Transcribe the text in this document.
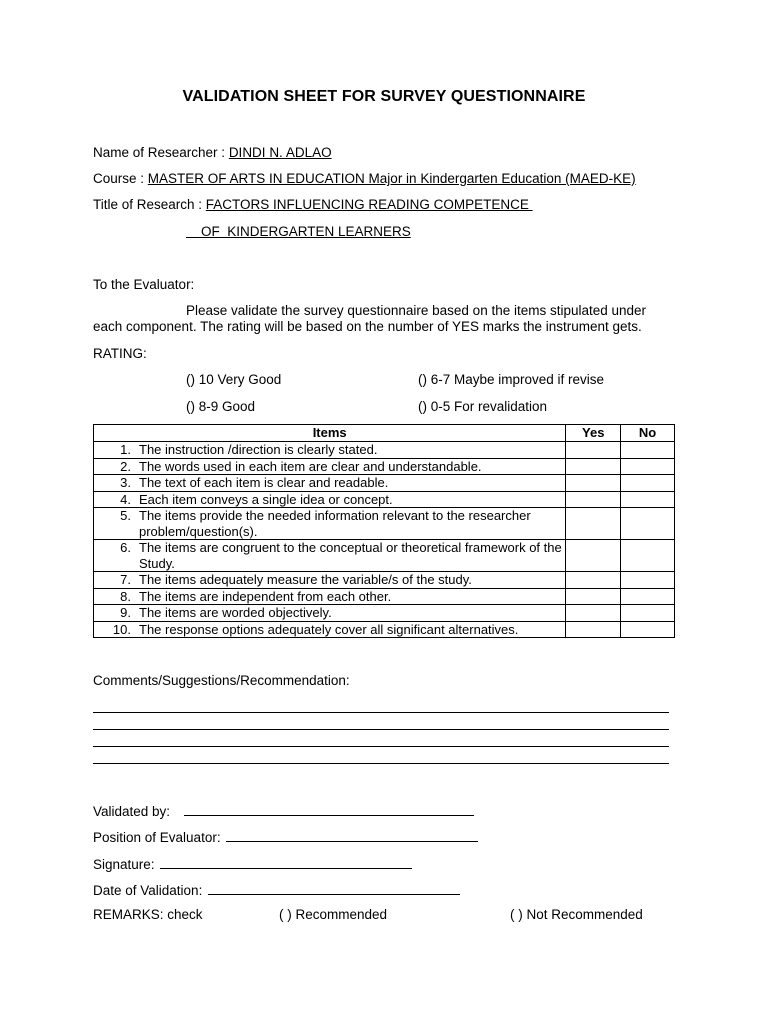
VALIDATION SHEET FOR SURVEY QUESTIONNAIRE
Name of Researcher : DINDI N. ADLAO
Course : MASTER OF ARTS IN EDUCATION Major in Kindergarten Education (MAED-KE)
Title of Research : FACTORS INFLUENCING READING COMPETENCE
OF  KINDERGARTEN LEARNERS
To the Evaluator:
Please validate the survey questionnaire based on the items stipulated under each component. The rating will be based on the number of YES marks the instrument gets.
RATING:
() 10 Very Good	() 6-7 Maybe improved if revise
() 8-9 Good	() 0-5 For revalidation
Items	Yes	No

1. The instruction /direction is clearly stated.		

2. The words used in each item are clear and understandable.		

3. The text of each item is clear and readable.		

4. Each item conveys a single idea or concept.		

5. The items provide the needed information relevant to the researcher problem/question(s).		

6. The items are congruent to the conceptual or theoretical framework of the Study.		

7. The items adequately measure the variable/s of the study.		

8. The items are independent from each other.		

9. The items are worded objectively.		

10. The response options adequately cover all significant alternatives.		

Comments/Suggestions/Recommendation:
Validated by:
Position of Evaluator:
Signature:
Date of Validation:
REMARKS: check	( ) Recommended	( ) Not Recommended
